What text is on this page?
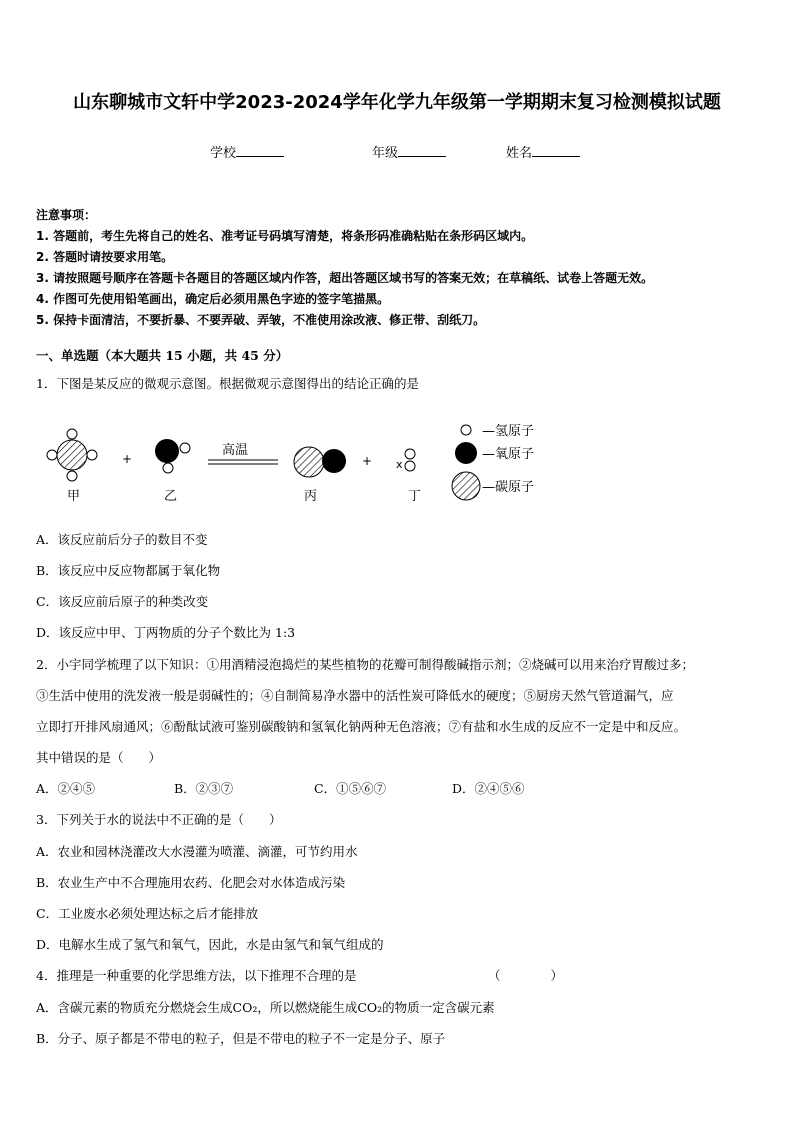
山东聊城市文轩中学2023-2024学年化学九年级第一学期期末复习检测模拟试题
学校	年级	姓名
注意事项：
1. 答题前，考生先将自己的姓名、准考证号码填写清楚，将条形码准确粘贴在条形码区域内。
2. 答题时请按要求用笔。
3. 请按照题号顺序在答题卡各题目的答题区域内作答，超出答题区域书写的答案无效；在草稿纸、试卷上答题无效。
4. 作图可先使用铅笔画出，确定后必须用黑色字迹的签字笔描黑。
5. 保持卡面清洁，不要折暴、不要弄破、弄皱，不准使用涂改液、修正带、刮纸刀。
一、单选题（本大题共 15 小题，共 45 分）
1．下图是某反应的微观示意图。根据微观示意图得出的结论正确的是
+
高温
+ x
甲	乙	丙	丁
—氢原子
—氧原子
—碳原子
A．该反应前后分子的数目不变
B．该反应中反应物都属于氧化物
C．该反应前后原子的种类改变
D．该反应中甲、丁两物质的分子个数比为 1:3
2．小宇同学梳理了以下知识：①用酒精浸泡捣烂的某些植物的花瓣可制得酸碱指示剂；②烧碱可以用来治疗胃酸过多；
③生活中使用的洗发液一般是弱碱性的；④自制简易净水器中的活性炭可降低水的硬度；⑤厨房天然气管道漏气，应
立即打开排风扇通风；⑥酚酞试液可鉴别碳酸钠和氢氧化钠两种无色溶液；⑦有盐和水生成的反应不一定是中和反应。
其中错误的是（　　）
A．②④⑤	B．②③⑦	C．①⑤⑥⑦	D．②④⑤⑥
3．下列关于水的说法中不正确的是（　　）
A．农业和园林浇灌改大水漫灌为喷灌、滴灌，可节约用水
B．农业生产中不合理施用农药、化肥会对水体造成污染
C．工业废水必须处理达标之后才能排放
D．电解水生成了氢气和氧气，因此，水是由氢气和氧气组成的
4．推理是一种重要的化学思维方法，以下推理不合理的是	（　　　　）
A．含碳元素的物质充分燃烧会生成CO₂，所以燃烧能生成CO₂的物质一定含碳元素
B．分子、原子都是不带电的粒子，但是不带电的粒子不一定是分子、原子
